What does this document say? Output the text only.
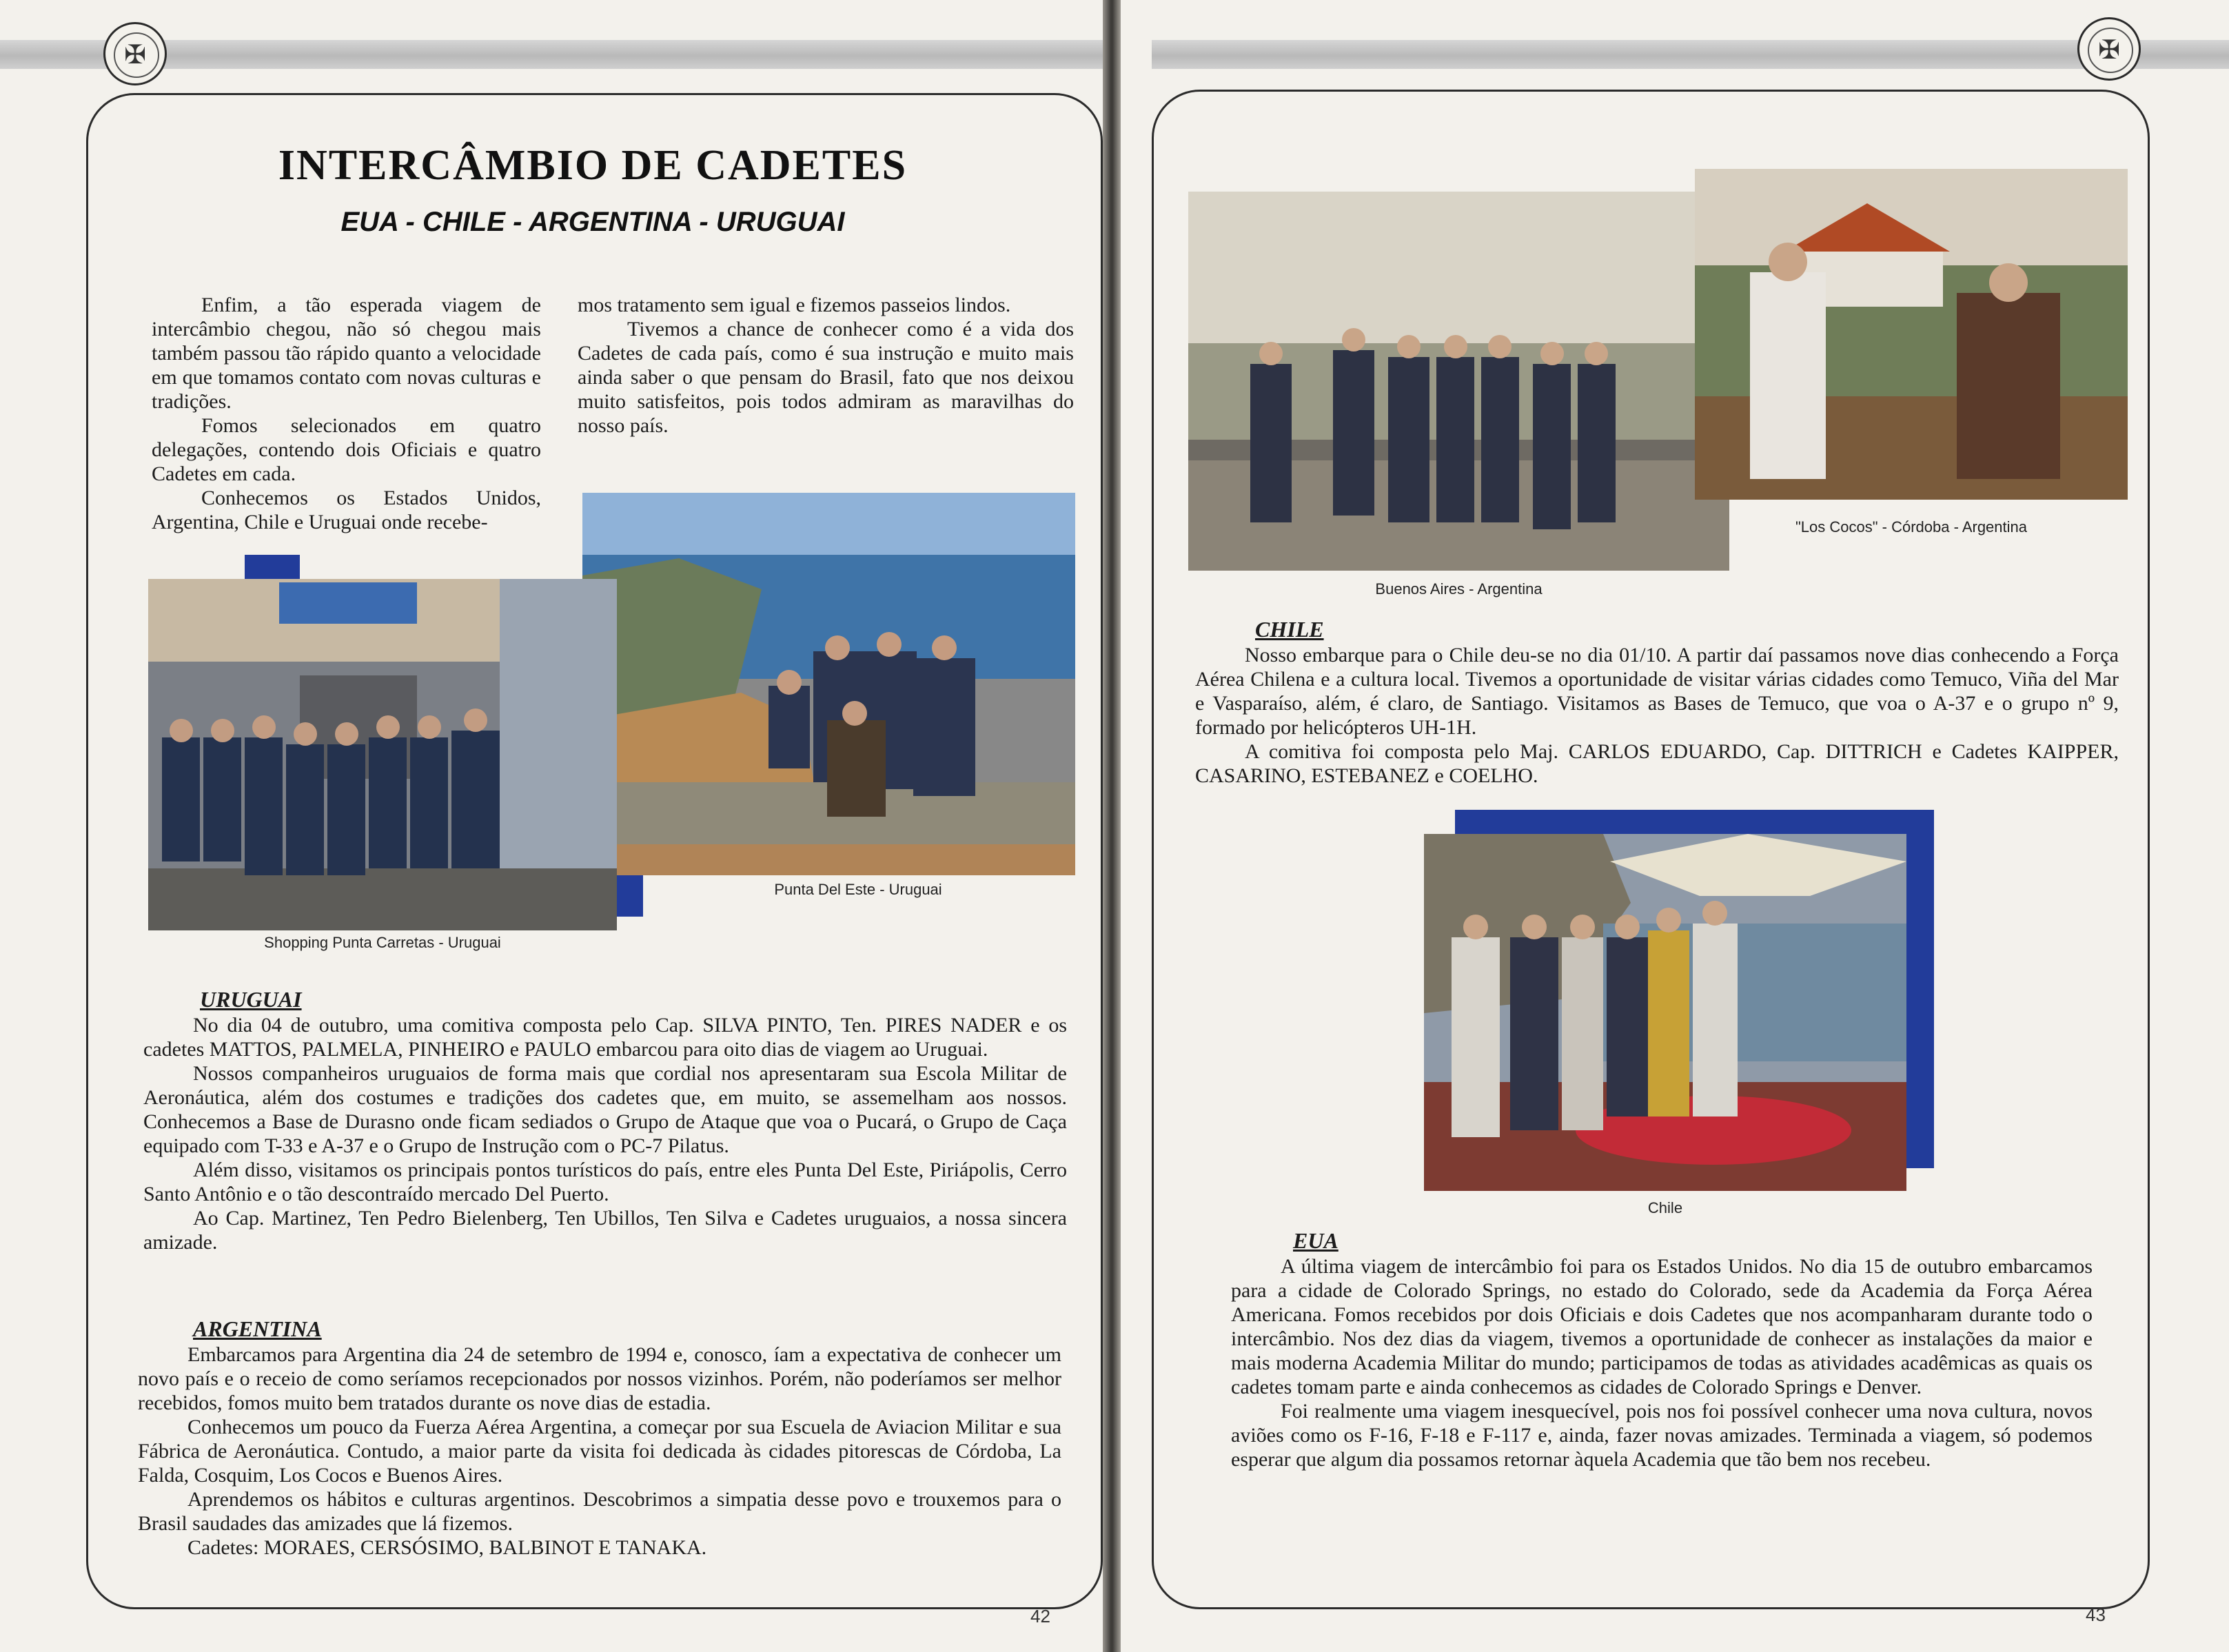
✠
INTERCÂMBIO DE CADETES
EUA - CHILE - ARGENTINA - URUGUAI

Enfim, a tão esperada viagem de intercâmbio chegou, não só chegou mais também passou tão rápido quanto a velocidade em que tomamos contato com novas culturas e tradições.

Fomos selecionados em quatro delegações, contendo dois Oficiais e quatro Cadetes em cada.

Conhecemos os Estados Unidos, Argentina, Chile e Uruguai onde recebe-

mos tratamento sem igual e fizemos passeios lindos.

Tivemos a chance de conhecer como é a vida dos Cadetes de cada país, como é sua instrução e muito mais ainda saber o que pensam do Brasil, fato que nos deixou muito satisfeitos, pois todos admiram as maravilhas do nosso país.

Shopping Punta Carretas - Uruguai

Punta Del Este - Uruguai

URUGUAI

No dia 04 de outubro, uma comitiva composta pelo Cap. SILVA PINTO, Ten. PIRES NADER e os cadetes MATTOS, PALMELA, PINHEIRO e PAULO embarcou para oito dias de viagem ao Uruguai.

Nossos companheiros uruguaios de forma mais que cordial nos apresentaram sua Escola Militar de Aeronáutica, além dos costumes e tradições dos cadetes que, em muito, se assemelham aos nossos. Conhecemos a Base de Durasno onde ficam sediados o Grupo de Ataque que voa o Pucará, o Grupo de Caça equipado com T-33 e A-37 e o Grupo de Instrução com o PC-7 Pilatus.

Além disso, visitamos os principais pontos turísticos do país, entre eles Punta Del Este, Piriápolis, Cerro Santo Antônio e o tão descontraído mercado Del Puerto.

Ao Cap. Martinez, Ten Pedro Bielenberg, Ten Ubillos, Ten Silva e Cadetes uruguaios, a nossa sincera amizade.

ARGENTINA

Embarcamos para Argentina dia 24 de setembro de 1994 e, conosco, íam a expectativa de conhecer um novo país e o receio de como seríamos recepcionados por nossos vizinhos. Porém, não poderíamos ser melhor recebidos, fomos muito bem tratados durante os nove dias de estadia.

Conhecemos um pouco da Fuerza Aérea Argentina, a começar por sua Escuela de Aviacion Militar e sua Fábrica de Aeronáutica. Contudo, a maior parte da visita foi dedicada às cidades pitorescas de Córdoba, La Falda, Cosquim, Los Cocos e Buenos Aires.

Aprendemos os hábitos e culturas argentinos. Descobrimos a simpatia desse povo e trouxemos para o Brasil saudades das amizades que lá fizemos.

Cadetes: MORAES, CERSÓSIMO, BALBINOT E TANAKA.

42
✠

"Los Cocos" - Córdoba - Argentina

Buenos Aires - Argentina

CHILE

Nosso embarque para o Chile deu-se no dia 01/10. A partir daí passamos nove dias conhecendo a Força Aérea Chilena e a cultura local. Tivemos a oportunidade de visitar várias cidades como Temuco, Viña del Mar e Vasparaíso, além, é claro, de Santiago. Visitamos as Bases de Temuco, que voa o A-37 e o grupo nº 9, formado por helicópteros UH-1H.

A comitiva foi composta pelo Maj. CARLOS EDUARDO, Cap. DITTRICH e Cadetes KAIPPER, CASARINO, ESTEBANEZ e COELHO.

Chile

EUA

A última viagem de intercâmbio foi para os Estados Unidos. No dia 15 de outubro embarcamos para a cidade de Colorado Springs, no estado do Colorado, sede da Academia da Força Aérea Americana. Fomos recebidos por dois Oficiais e dois Cadetes que nos acompanharam durante todo o intercâmbio. Nos dez dias da viagem, tivemos a oportunidade de conhecer as instalações da maior e mais moderna Academia Militar do mundo; participamos de todas as atividades acadêmicas as quais os cadetes tomam parte e ainda conhecemos as cidades de Colorado Springs e Denver.

Foi realmente uma viagem inesquecível, pois nos foi possível conhecer uma nova cultura, novos aviões como os F-16, F-18 e F-117 e, ainda, fazer novas amizades. Terminada a viagem, só podemos esperar que algum dia possamos retornar àquela Academia que tão bem nos recebeu.

43
